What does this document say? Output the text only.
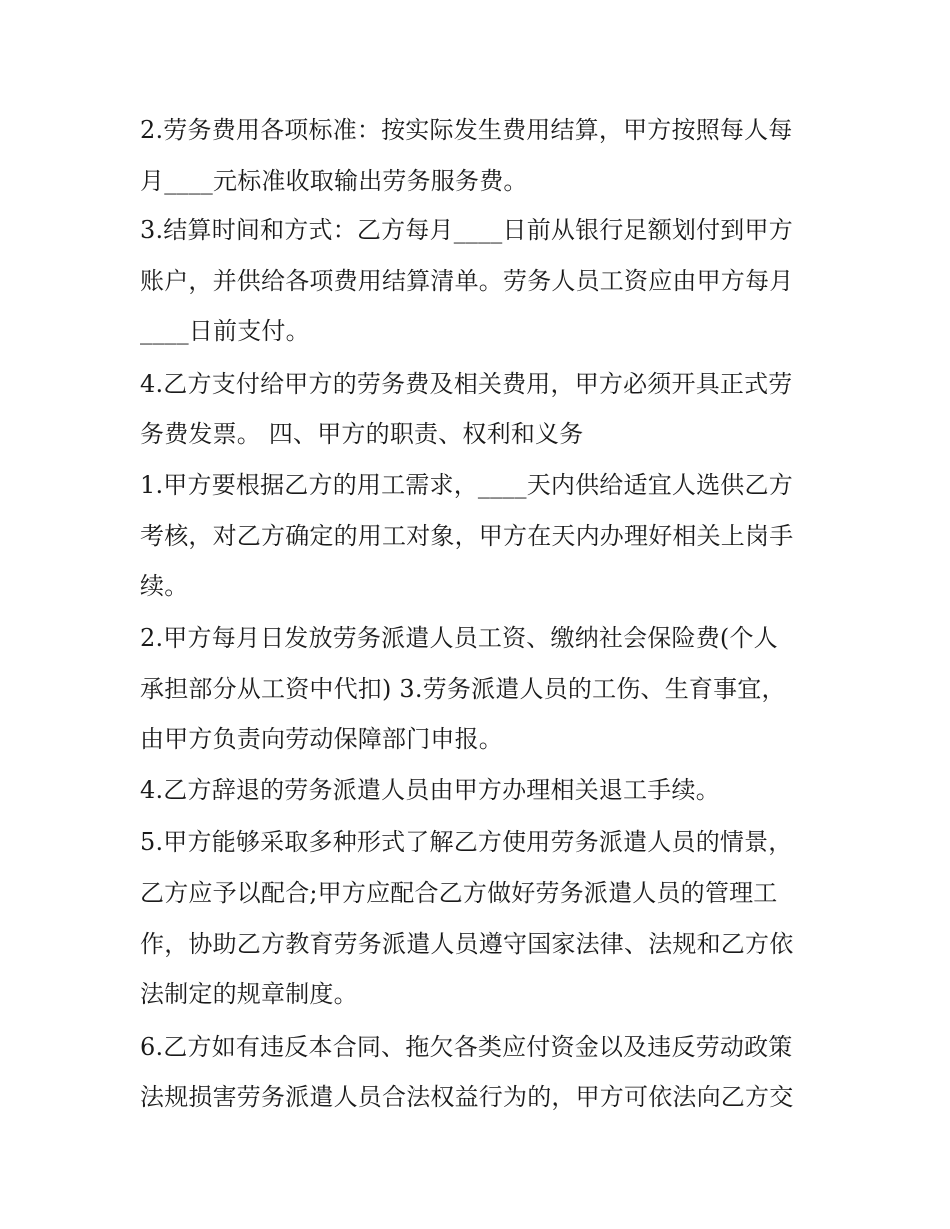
2.劳务费用各项标准：按实际发生费用结算，甲方按照每人每
月____元标准收取输出劳务服务费。
3.结算时间和方式：乙方每月____日前从银行足额划付到甲方
账户，并供给各项费用结算清单。劳务人员工资应由甲方每月
____日前支付。
4.乙方支付给甲方的劳务费及相关费用，甲方必须开具正式劳
务费发票。 四、甲方的职责、权利和义务
1.甲方要根据乙方的用工需求，____天内供给适宜人选供乙方
考核，对乙方确定的用工对象，甲方在天内办理好相关上岗手
续。
2.甲方每月日发放劳务派遣人员工资、缴纳社会保险费(个人
承担部分从工资中代扣) 3.劳务派遣人员的工伤、生育事宜，
由甲方负责向劳动保障部门申报。
4.乙方辞退的劳务派遣人员由甲方办理相关退工手续。
5.甲方能够采取多种形式了解乙方使用劳务派遣人员的情景，
乙方应予以配合;甲方应配合乙方做好劳务派遣人员的管理工
作，协助乙方教育劳务派遣人员遵守国家法律、法规和乙方依
法制定的规章制度。
6.乙方如有违反本合同、拖欠各类应付资金以及违反劳动政策
法规损害劳务派遣人员合法权益行为的，甲方可依法向乙方交
